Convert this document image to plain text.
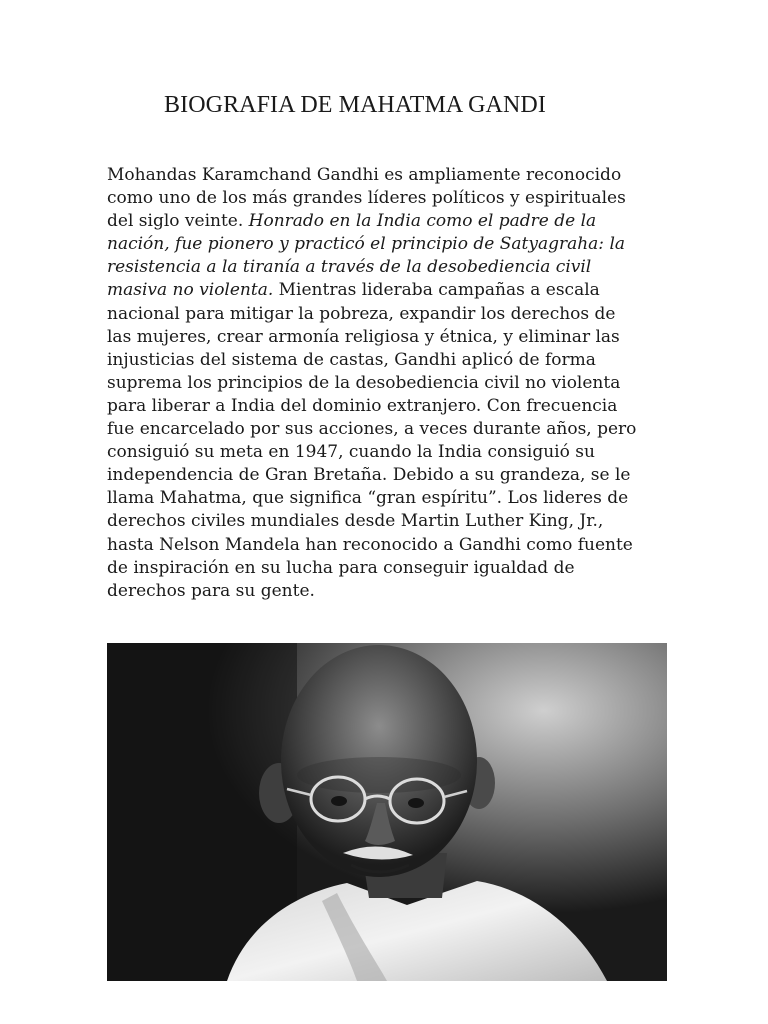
BIOGRAFIA DE MAHATMA GANDI

Mohandas Karamchand Gandhi es ampliamente reconocido
como uno de los más grandes líderes políticos y espirituales
del siglo veinte. Honrado en la India como el padre de la
nación, fue pionero y practicó el principio de Satyagraha: la
resistencia a la tiranía a través de la desobediencia civil
masiva no violenta. Mientras lideraba campañas a escala
nacional para mitigar la pobreza, expandir los derechos de
las mujeres, crear armonía religiosa y étnica, y eliminar las
injusticias del sistema de castas, Gandhi aplicó de forma
suprema los principios de la desobediencia civil no violenta
para liberar a India del dominio extranjero. Con frecuencia
fue encarcelado por sus acciones, a veces durante años, pero
consiguió su meta en 1947, cuando la India consiguió su
independencia de Gran Bretaña. Debido a su grandeza, se le
llama Mahatma, que significa “gran espíritu”. Los lideres de
derechos civiles mundiales desde Martin Luther King, Jr.,
hasta Nelson Mandela han reconocido a Gandhi como fuente
de inspiración en su lucha para conseguir igualdad de
derechos para su gente.
